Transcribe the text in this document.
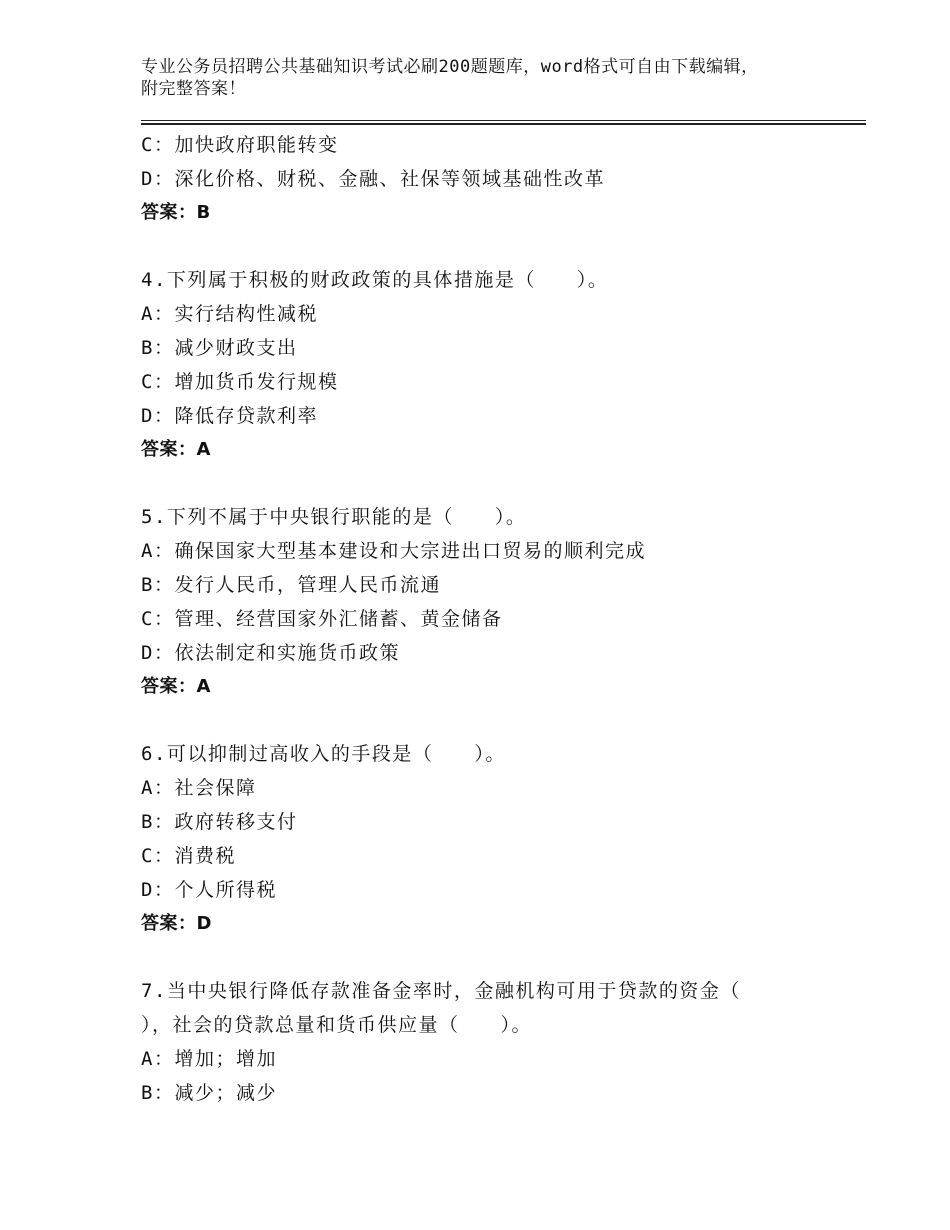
专业公务员招聘公共基础知识考试必刷200题题库，word格式可自由下载编辑，
附完整答案！
C：加快政府职能转变
D：深化价格、财税、金融、社保等领域基础性改革
答案：B
4.下列属于积极的财政政策的具体措施是（　　）。
A：实行结构性减税
B：减少财政支出
C：增加货币发行规模
D：降低存贷款利率
答案：A
5.下列不属于中央银行职能的是（　　）。
A：确保国家大型基本建设和大宗进出口贸易的顺利完成
B：发行人民币，管理人民币流通
C：管理、经营国家外汇储蓄、黄金储备
D：依法制定和实施货币政策
答案：A
6.可以抑制过高收入的手段是（　　）。
A：社会保障
B：政府转移支付
C：消费税
D：个人所得税
答案：D
7.当中央银行降低存款准备金率时，金融机构可用于贷款的资金（
），社会的贷款总量和货币供应量（　　）。
A：增加；增加
B：减少；减少
